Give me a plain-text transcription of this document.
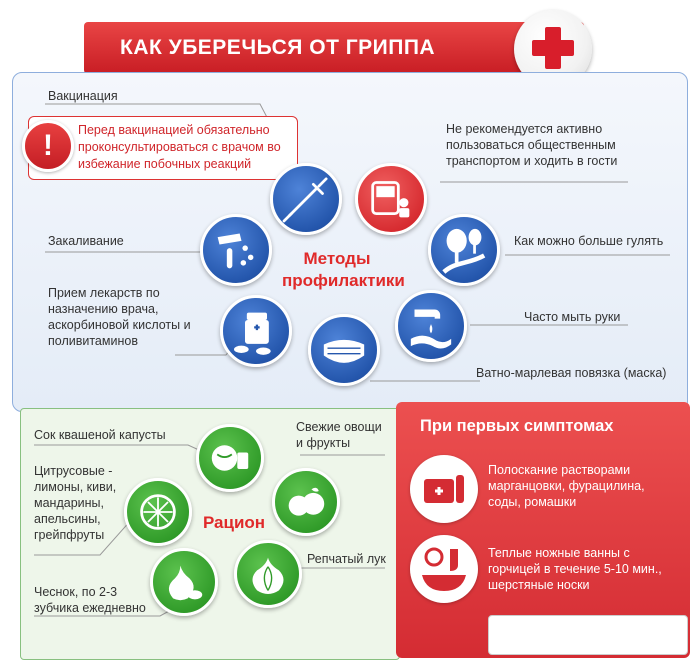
КАК УБЕРЕЧЬСЯ ОТ ГРИППА
!	Перед вакцинацией обязательно проконсультироваться с врачом во избежание побочных реакций
Вакцинация
Не рекомендуется активно пользоваться общественным транспортом и ходить в гости
Закаливание	Как можно больше гулять
Прием лекарств по назначению врача, аскорбиновой кислоты и поливитаминов
Часто мыть руки
Ватно-марлевая повязка (маска)
Методы
профилактики
Сок квашеной капусты
Свежие овощи и фрукты
Цитрусовые - лимоны, киви, мандарины, апельсины, грейпфруты
Репчатый лук
Чеснок, по 2-3 зубчика ежедневно
Рацион
При первых симптомах
Полоскание растворами марганцовки, фурацилина, соды, ромашки
Теплые ножные ванны с горчицей в течение 5-10 мин., шерстяные носки
